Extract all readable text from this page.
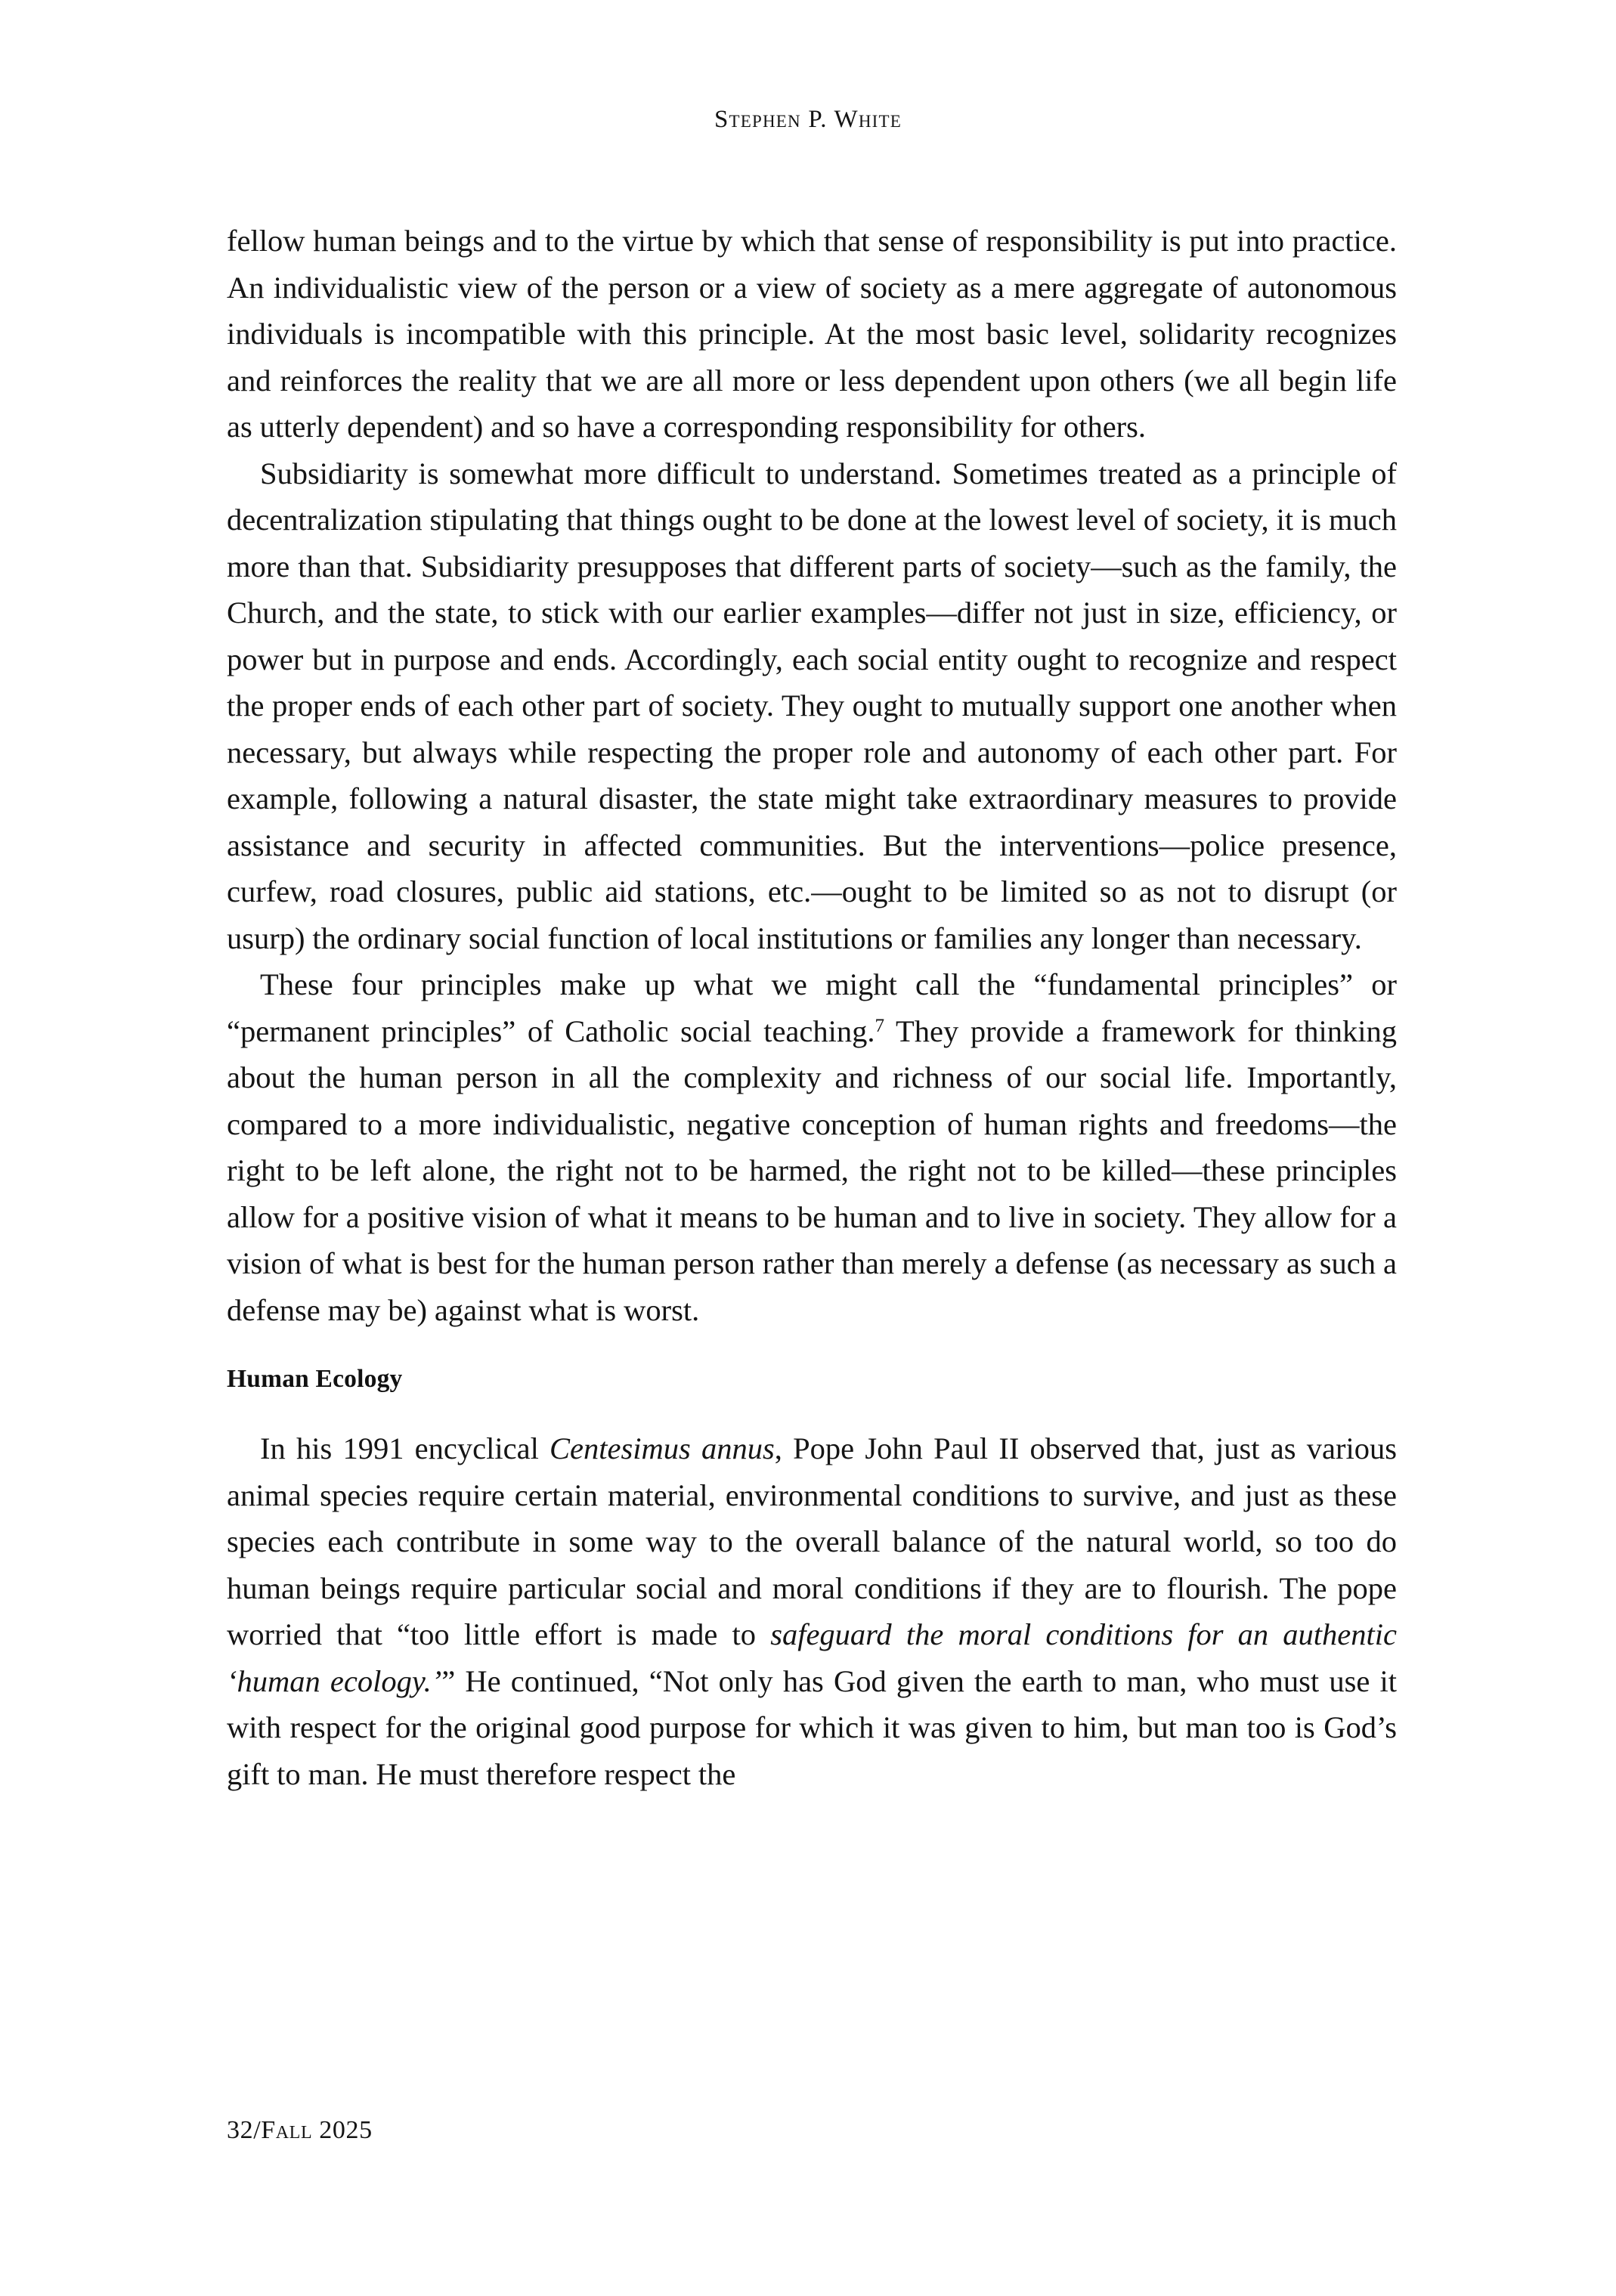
Stephen P. White

fellow human beings and to the virtue by which that sense of responsibility is put into practice. An individualistic view of the person or a view of society as a mere aggregate of autonomous individuals is incompatible with this principle. At the most basic level, solidarity recognizes and reinforces the reality that we are all more or less dependent upon others (we all begin life as utterly dependent) and so have a corresponding responsibility for others.

Subsidiarity is somewhat more difficult to understand. Sometimes treated as a principle of decentralization stipulating that things ought to be done at the lowest level of society, it is much more than that. Subsidiarity presupposes that different parts of society—such as the family, the Church, and the state, to stick with our earlier examples—differ not just in size, efficiency, or power but in purpose and ends. Accordingly, each social entity ought to recognize and respect the proper ends of each other part of society. They ought to mutually support one another when necessary, but always while respecting the proper role and autonomy of each other part. For example, following a natural disaster, the state might take extraordinary measures to provide assistance and security in affected communities. But the interventions—police presence, curfew, road closures, public aid stations, etc.—ought to be limited so as not to disrupt (or usurp) the ordinary social function of local institutions or families any longer than necessary.

These four principles make up what we might call the “fundamental principles” or “permanent principles” of Catholic social teaching.$^7$ They provide a framework for thinking about the human person in all the complexity and richness of our social life. Importantly, compared to a more individualistic, negative conception of human rights and freedoms—the right to be left alone, the right not to be harmed, the right not to be killed—these principles allow for a positive vision of what it means to be human and to live in society. They allow for a vision of what is best for the human person rather than merely a defense (as necessary as such a defense may be) against what is worst.

Human Ecology

In his 1991 encyclical Centesimus annus, Pope John Paul II observed that, just as various animal species require certain material, environmental conditions to survive, and just as these species each contribute in some way to the overall balance of the natural world, so too do human beings require particular social and moral conditions if they are to flourish. The pope worried that “too little effort is made to safeguard the moral conditions for an authentic ‘human ecology.’” He continued, “Not only has God given the earth to man, who must use it with respect for the original good purpose for which it was given to him, but man too is God’s gift to man. He must therefore respect the

32/Fall 2025
